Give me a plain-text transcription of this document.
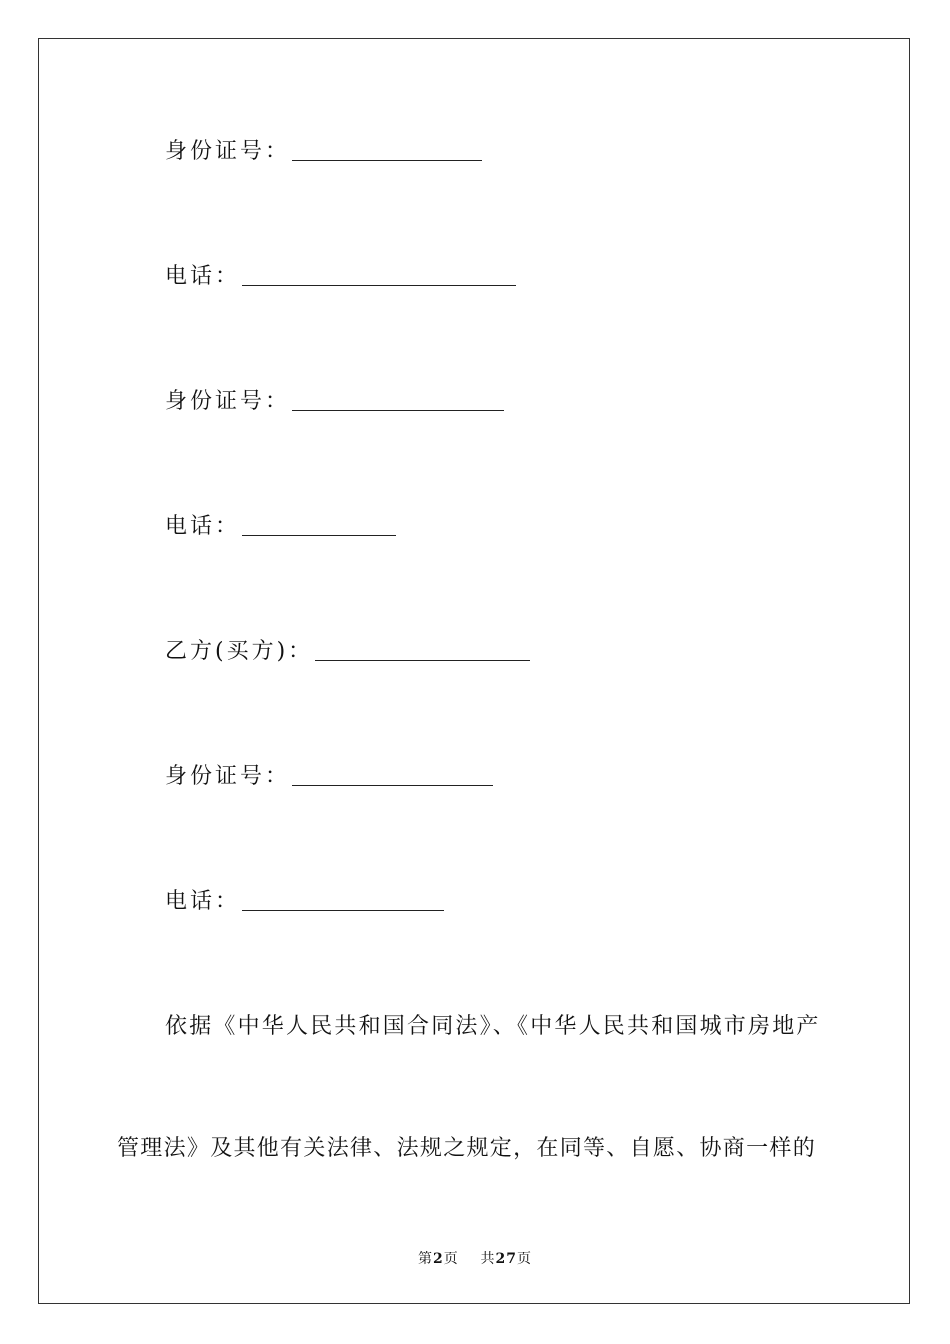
身份证号：
电话：
身份证号：
电话：
乙方(买方)：
身份证号：
电话：
依据《中华人民共和国合同法》、《中华人民共和国城市房地产
管理法》及其他有关法律、法规之规定，在同等、自愿、协商一样的
第2页 共27页
